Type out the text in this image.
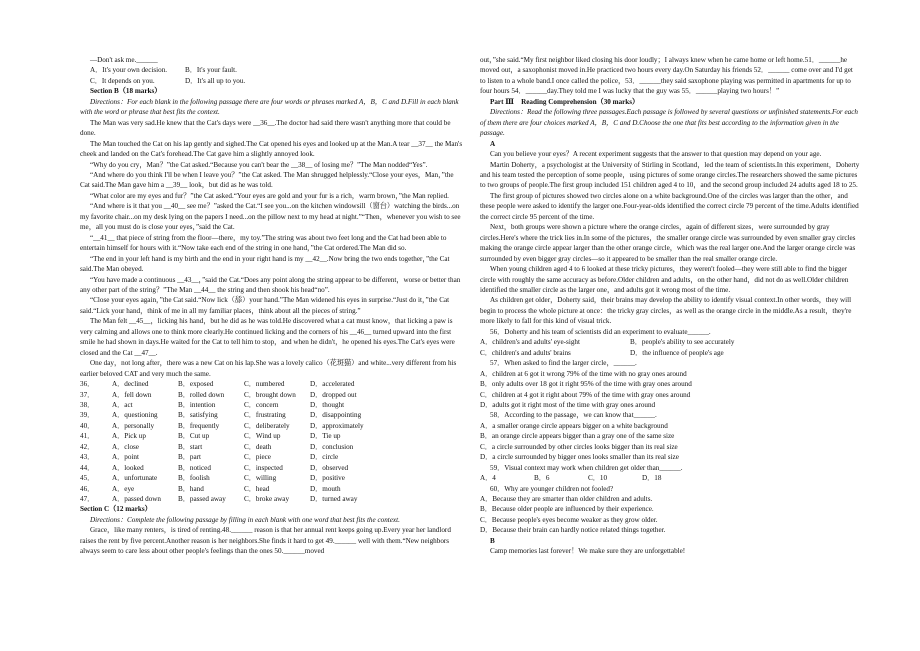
—Don't ask me.______

A．It's your own decision.	B．It's your fault.
C．It depends on you.	D．It's all up to you.

Section B（18 marks）

Directions：For each blank in the following passage there are four words or phrases marked A，B，C and D.Fill in each blank with the word or phrase that best fits the context.

The Man was very sad.He knew that the Cat's days were __36__.The doctor had said there wasn't anything more that could be done.

The Man touched the Cat on his lap gently and sighed.The Cat opened his eyes and looked up at the Man.A tear __37__ the Man's cheek and landed on the Cat's forehead.The Cat gave him a slightly annoyed look.

“Why do you cry，Man？”the Cat asked.“Because you can't bear the __38__ of losing me？”The Man nodded“Yes”.

“And where do you think I'll be when I leave you？”the Cat asked. The Man shrugged helplessly.“Close your eyes，Man，”the Cat said.The Man gave him a __39__ look，but did as he was told.

“What color are my eyes and fur？”the Cat asked.“Your eyes are gold and your fur is a rich，warm brown，”the Man replied.

“And where is it that you __40__ see me？”asked the Cat.“I see you...on the kitchen windowsill（窗台）watching the birds...on my favorite chair...on my desk lying on the papers I need...on the pillow next to my head at night.”“Then，whenever you wish to see me，all you must do is close your eyes，”said the Cat.

“__41__ that piece of string from the floor—there，my toy.”The string was about two feet long and the Cat had been able to entertain himself for hours with it.“Now take each end of the string in one hand，”the Cat ordered.The Man did so.

“The end in your left hand is my birth and the end in your right hand is my __42__.Now bring the two ends together，”the Cat said.The Man obeyed.

“You have made a continuous __43__，”said the Cat.“Does any point along the string appear to be different，worse or better than any other part of the string？”The Man __44__ the string and then shook his head“no”.

“Close your eyes again，”the Cat said.“Now lick（舔）your hand.”The Man widened his eyes in surprise.“Just do it，”the Cat said.“Lick your hand，think of me in all my familiar places，think about all the pieces of string.”

The Man felt __45__，licking his hand，but he did as he was told.He discovered what a cat must know，that licking a paw is very calming and allows one to think more clearly.He continued licking and the corners of his __46__ turned upward into the first smile he had shown in days.He waited for the Cat to tell him to stop，and when he didn't，he opened his eyes.The Cat's eyes were closed and the Cat __47__.

One day，not long after，there was a new Cat on his lap.She was a lovely calico（花斑猫）and white...very different from his earlier beloved CAT and very much the same.

36．	A．declined	B．exposed	C．numbered	D．accelerated
37．	A．fell down	B．rolled down	C．brought down	D．dropped out
38．	A．act	B．intention	C．concern	D．thought
39．	A．questioning	B．satisfying	C．frustrating	D．disappointing
40．	A．personally	B．frequently	C．deliberately	D．approximately
41．	A．Pick up	B．Cut up	C．Wind up	D．Tie up
42．	A．close	B．start	C．death	D．conclusion
43．	A．point	B．part	C．piece	D．circle
44．	A．looked	B．noticed	C．inspected	D．observed
45．	A．unfortunate	B．foolish	C．willing	D．positive
46．	A．eye	B．hand	C．head	D．mouth
47．	A．passed down	B．passed away	C．broke away	D．turned away

Section C（12 marks）

Directions：Complete the following passage by filling in each blank with one word that best fits the context.

Grace，like many renters，is tired of renting.48.______ reason is that her annual rent keeps going up.Every year her landlord raises the rent by five percent.Another reason is her neighbors.She finds it hard to get 49.______ well with them.“New neighbors always seem to care less about other people's feelings than the ones 50.______moved

out，”she said.“My first neighbor liked closing his door loudly；I always knew when he came home or left home.51．______he moved out，a saxophonist moved in.He practiced two hours every day.On Saturday his friends 52．______ come over and I'd get to listen to a whole band.I once called the police，53．______they said saxophone playing was permitted in apartments for up to four hours 54．______day.They told me I was lucky that the guy was 55．______playing two hours！”

Part Ⅲ　Reading Comprehension（30 marks）

Directions：Read the following three passages.Each passage is followed by several questions or unfinished statements.For each of them there are four choices marked A，B，C and D.Choose the one that fits best according to the information given in the passage.

A

Can you believe your eyes？A recent experiment suggests that the answer to that question may depend on your age.

Martin Doherty，a psychologist at the University of Stirling in Scotland，led the team of scientists.In this experiment，Doherty and his team tested the perception of some people，using pictures of some orange circles.The researchers showed the same pictures to two groups of people.The first group included 151 children aged 4 to 10，and the second group included 24 adults aged 18 to 25.

The first group of pictures showed two circles alone on a white background.One of the circles was larger than the other，and these people were asked to identify the larger one.Four-year-olds identified the correct circle 79 percent of the time.Adults identified the correct circle 95 percent of the time.

Next，both groups were shown a picture where the orange circles，again of different sizes，were surrounded by gray circles.Here's where the trick lies in.In some of the pictures，the smaller orange circle was surrounded by even smaller gray circles making the orange circle appear larger than the other orange circle，which was the real larger one.And the larger orange circle was surrounded by even bigger gray circles—so it appeared to be smaller than the real smaller orange circle.

When young children aged 4 to 6 looked at these tricky pictures，they weren't fooled—they were still able to find the bigger circle with roughly the same accuracy as before.Older children and adults，on the other hand，did not do as well.Older children identified the smaller circle as the larger one，and adults got it wrong most of the time.

As children get older，Doherty said，their brains may develop the ability to identify visual context.In other words，they will begin to process the whole picture at once：the tricky gray circles，as well as the orange circle in the middle.As a result，they're more likely to fall for this kind of visual trick.

56．Doherty and his team of scientists did an experiment to evaluate______.

A．children's and adults' eye-sight	B．people's ability to see accurately
C．children's and adults' brains	D．the influence of people's age

57．When asked to find the larger circle，______.

A．children at 6 got it wrong 79% of the time with no gray ones around

B．only adults over 18 got it right 95% of the time with gray ones around

C．children at 4 got it right about 79% of the time with gray ones around

D．adults got it right most of the time with gray ones around

58．According to the passage，we can know that______.

A．a smaller orange circle appears bigger on a white background

B．an orange circle appears bigger than a gray one of the same size

C．a circle surrounded by other circles looks bigger than its real size

D．a circle surrounded by bigger ones looks smaller than its real size

59．Visual context may work when children get older than______.

A．4	B．6	C．10	D．18

60．Why are younger children not fooled?

A．Because they are smarter than older children and adults.

B．Because older people are influenced by their experience.

C．Because people's eyes become weaker as they grow older.

D．Because their brain can hardly notice related things together.

B

Camp memories last forever！We make sure they are unforgettable!
